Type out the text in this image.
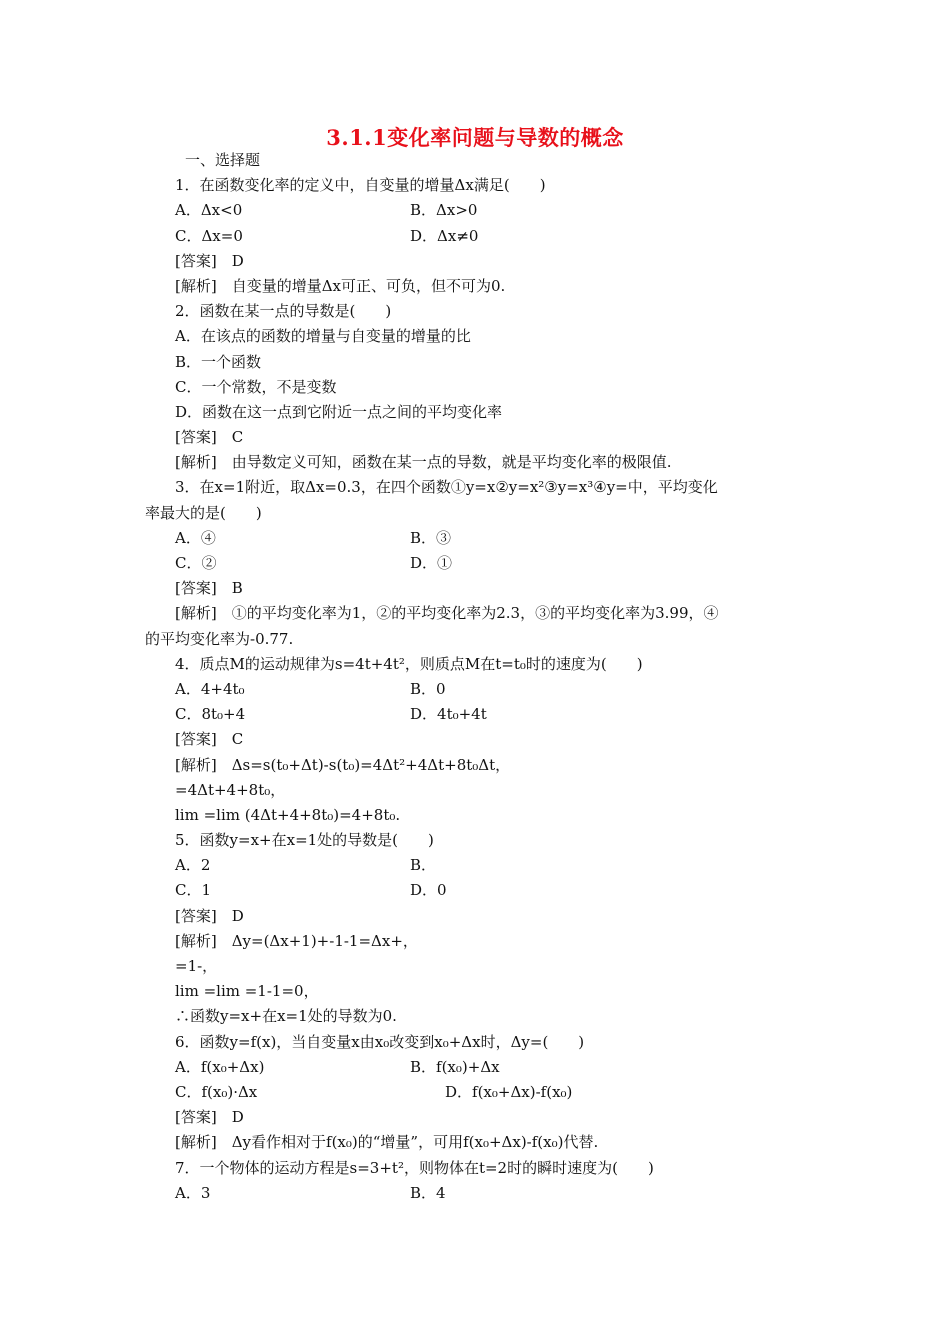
3.1.1变化率问题与导数的概念
一、选择题
1．在函数变化率的定义中，自变量的增量Δx满足(　　)
A．Δx<0	B．Δx>0
C．Δx=0	D．Δx≠0
[答案]　D
[解析]　自变量的增量Δx可正、可负，但不可为0.
2．函数在某一点的导数是(　　)
A．在该点的函数的增量与自变量的增量的比
B．一个函数
C．一个常数，不是变数
D．函数在这一点到它附近一点之间的平均变化率
[答案]　C
[解析]　由导数定义可知，函数在某一点的导数，就是平均变化率的极限值.
3．在x=1附近，取Δx=0.3，在四个函数①y=x②y=x²③y=x³④y=中，平均变化
率最大的是(　　)
A．④	B．③
C．②	D．①
[答案]　B
[解析]　①的平均变化率为1，②的平均变化率为2.3，③的平均变化率为3.99，④
的平均变化率为-0.77.
4．质点M的运动规律为s=4t+4t²，则质点M在t=t₀时的速度为(　　)
A．4+4t₀	B．0
C．8t₀+4	D．4t₀+4t
[答案]　C
[解析]　Δs=s(t₀+Δt)-s(t₀)=4Δt²+4Δt+8t₀Δt，
=4Δt+4+8t₀，
lim =lim (4Δt+4+8t₀)=4+8t₀.
5．函数y=x+在x=1处的导数是(　　)
A．2	B．
C．1	D．0
[答案]　D
[解析]　Δy=(Δx+1)+-1-1=Δx+，
=1-，
lim =lim =1-1=0，
∴函数y=x+在x=1处的导数为0.
6．函数y=f(x)，当自变量x由x₀改变到x₀+Δx时，Δy=(　　)
A．f(x₀+Δx)	B．f(x₀)+Δx
C．f(x₀)·Δx	D．f(x₀+Δx)-f(x₀)
[答案]　D
[解析]　Δy看作相对于f(x₀)的“增量”，可用f(x₀+Δx)-f(x₀)代替.
7．一个物体的运动方程是s=3+t²，则物体在t=2时的瞬时速度为(　　)
A．3	B．4
